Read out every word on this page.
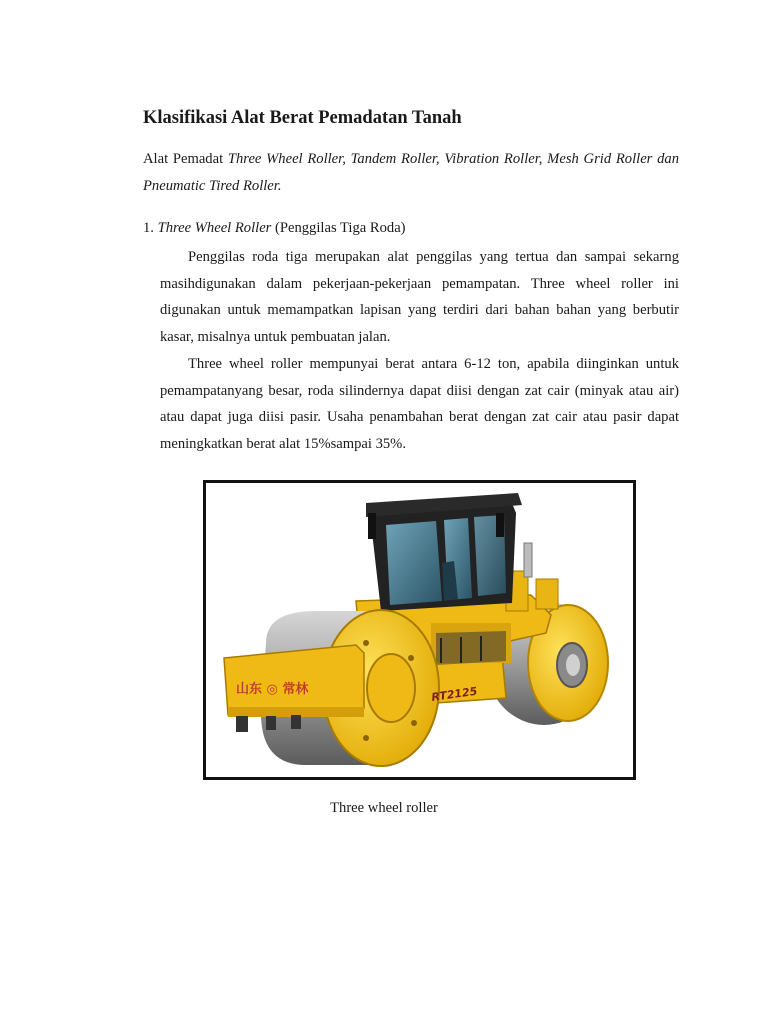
Klasifikasi Alat Berat Pemadatan Tanah
Alat Pemadat Three Wheel Roller, Tandem Roller, Vibration Roller, Mesh Grid Roller dan Pneumatic Tired Roller.
1. Three Wheel Roller (Penggilas Tiga Roda)
Penggilas roda tiga merupakan alat penggilas yang tertua dan sampai sekarng masihdigunakan dalam pekerjaan-pekerjaan pemampatan. Three wheel roller ini digunakan untuk memampatkan lapisan yang terdiri dari bahan bahan yang berbutir kasar, misalnya untuk pembuatan jalan.
Three wheel roller mempunyai berat antara 6-12 ton, apabila diinginkan untuk pemampatanyang besar, roda silindernya dapat diisi dengan zat cair (minyak atau air) atau dapat juga diisi pasir. Usaha penambahan berat dengan zat cair atau pasir dapat meningkatkan berat alat 15%sampai 35%.
山东 ◎ 常林	RT2125
Three wheel roller
